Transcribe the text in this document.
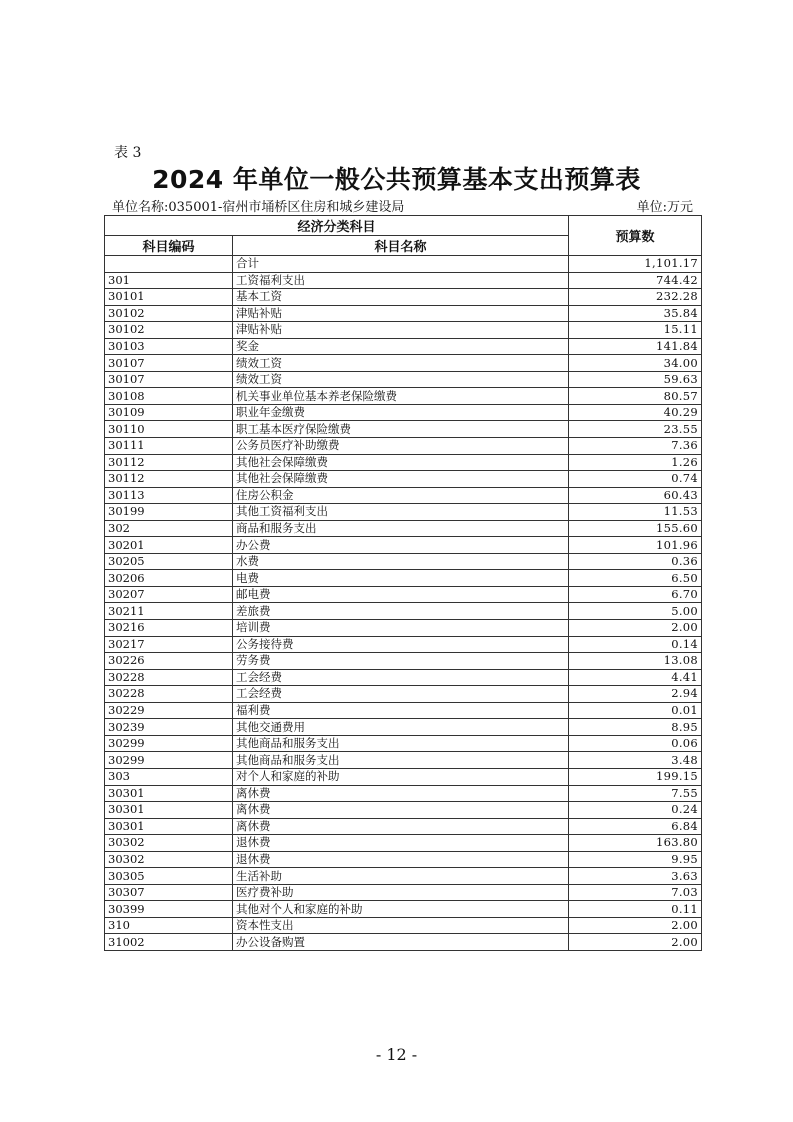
表 3
2024 年单位一般公共预算基本支出预算表
单位名称:035001-宿州市埇桥区住房和城乡建设局	单位:万元
经济分类科目		预算数
科目编码	科目名称	
	合计	1,101.17
301	工资福利支出	744.42
30101	基本工资	232.28
30102	津贴补贴	35.84
30102	津贴补贴	15.11
30103	奖金	141.84
30107	绩效工资	34.00
30107	绩效工资	59.63
30108	机关事业单位基本养老保险缴费	80.57
30109	职业年金缴费	40.29
30110	职工基本医疗保险缴费	23.55
30111	公务员医疗补助缴费	7.36
30112	其他社会保障缴费	1.26
30112	其他社会保障缴费	0.74
30113	住房公积金	60.43
30199	其他工资福利支出	11.53
302	商品和服务支出	155.60
30201	办公费	101.96
30205	水费	0.36
30206	电费	6.50
30207	邮电费	6.70
30211	差旅费	5.00
30216	培训费	2.00
30217	公务接待费	0.14
30226	劳务费	13.08
30228	工会经费	4.41
30228	工会经费	2.94
30229	福利费	0.01
30239	其他交通费用	8.95
30299	其他商品和服务支出	0.06
30299	其他商品和服务支出	3.48
303	对个人和家庭的补助	199.15
30301	离休费	7.55
30301	离休费	0.24
30301	离休费	6.84
30302	退休费	163.80
30302	退休费	9.95
30305	生活补助	3.63
30307	医疗费补助	7.03
30399	其他对个人和家庭的补助	0.11
310	资本性支出	2.00
31002	办公设备购置	2.00
- 12 -
